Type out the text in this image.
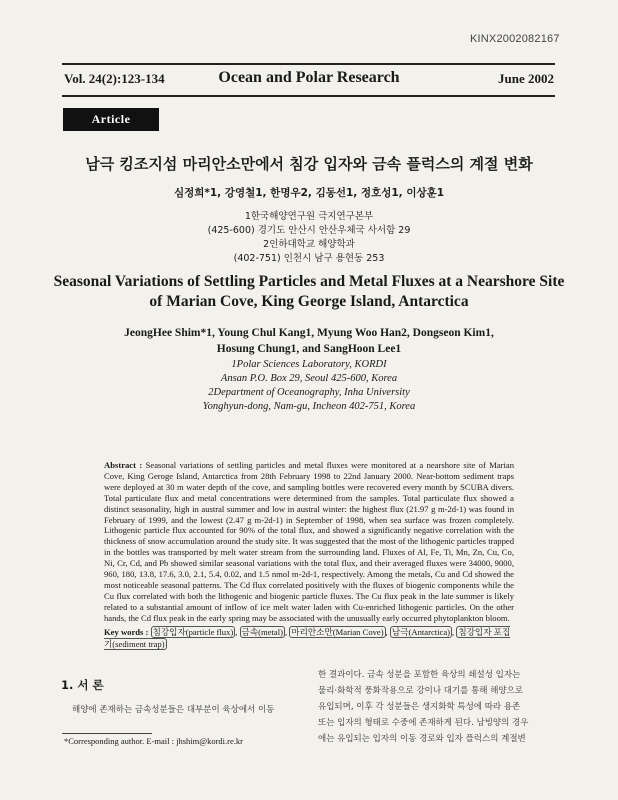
KINX2002082167
Vol. 24(2):123-134	Ocean and Polar Research	June 2002
Article
남극 킹조지섬 마리안소만에서 침강 입자와 금속 플럭스의 계절 변화
심정희*1, 강영철1, 한명우2, 김동선1, 정호성1, 이상훈1
1한국해양연구원 극지연구본부
(425-600) 경기도 안산시 안산우체국 사서함 29
2인하대학교 해양학과
(402-751) 인천시 남구 용현동 253
Seasonal Variations of Settling Particles and Metal Fluxes at a Nearshore Site
of Marian Cove, King George Island, Antarctica
JeongHee Shim*1, Young Chul Kang1, Myung Woo Han2, Dongseon Kim1,
Hosung Chung1, and SangHoon Lee1
1Polar Sciences Laboratory, KORDI
Ansan P.O. Box 29, Seoul 425-600, Korea
2Department of Oceanography, Inha University
Yonghyun-dong, Nam-gu, Incheon 402-751, Korea
Abstract : Seasonal variations of settling particles and metal fluxes were monitored at a nearshore site of Marian Cove, King Geroge Island, Antarctica from 28th February 1998 to 22nd January 2000. Near-bottom sediment traps were deployed at 30 m water depth of the cove, and sampling bottles were recovered every month by SCUBA divers. Total particulate flux and metal concentrations were determined from the samples. Total particulate flux showed a distinct seasonality, high in austral summer and low in austral winter: the highest flux (21.97 g m-2d-1) was found in February of 1999, and the lowest (2.47 g m-2d-1) in September of 1998, when sea surface was frozen completely. Lithogenic particle flux accounted for 90% of the total flux, and showed a significantly negative correlation with the thickness of snow accumulation around the study site. It was suggested that the most of the lithogenic particles trapped in the bottles was transported by melt water stream from the surrounding land. Fluxes of Al, Fe, Ti, Mn, Zn, Cu, Co, Ni, Cr, Cd, and Pb showed similar seasonal variations with the total flux, and their averaged fluxes were 34000, 9000, 960, 180, 13.8, 17.6, 3.0, 2.1, 5.4, 0.02, and 1.5 nmol m-2d-1, respectively. Among the metals, Cu and Cd showed the most noticeable seasonal patterns. The Cd flux correlated positively with the fluxes of biogenic components while the Cu flux correlated with both the lithogenic and biogenic particle fluxes. The Cu flux peak in the late summer is likely related to a substantial amount of inflow of ice melt water laden with Cu-enriched lithogenic particles. On the other hands, the Cd flux peak in the early spring may be associated with the unusually early occurred phytoplankton bloom.
Key words : 침강입자(particle flux) , 금속(metal) , 마리안소만(Marian Cove) , 남극(Antarctica) , 침강입자 포집기(sediment trap)
1. 서 론
해양에 존재하는 금속성분들은 대부분이 육상에서 이동
*Corresponding author. E-mail : jhshim@kordi.re.kr
한 결과이다. 금속 성분을 포함한 육상의 쇄설성 입자는
물리·화학적 풍화작용으로 강이나 대기를 통해 해양으로
유입되며, 이후 각 성분들은 생지화학 특성에 따라 용존
또는 입자의 형태로 수중에 존재하게 된다. 남빙양의 경우
에는 유입되는 입자의 이동 경로와 입자 플럭스의 계절변
